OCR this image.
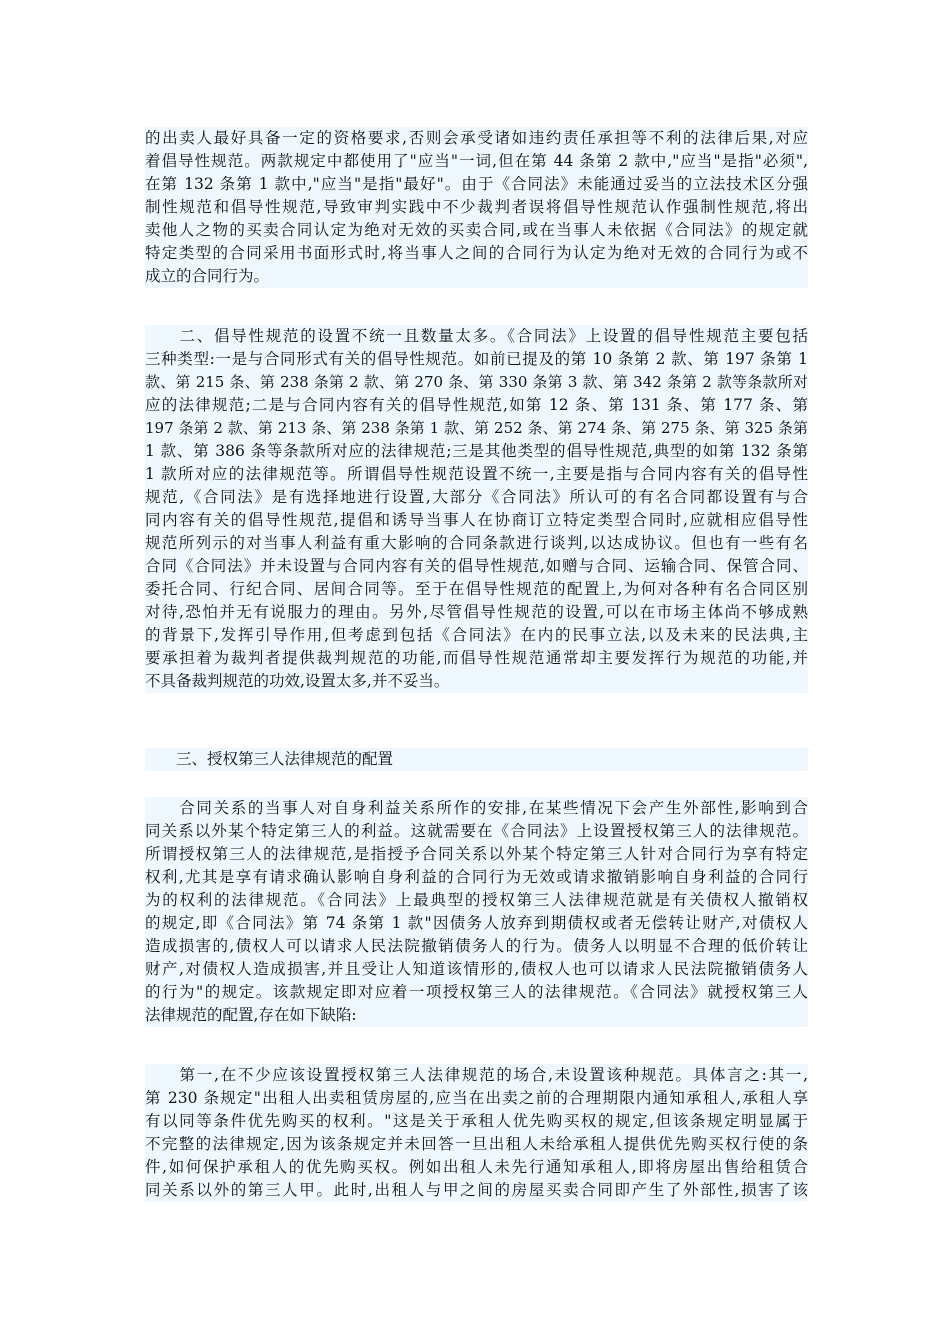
的出卖人最好具备一定的资格要求,否则会承受诸如违约责任承担等不利的法律后果,对应
着倡导性规范。两款规定中都使用了"应当"一词,但在第 44 条第 2 款中,"应当"是指"必须",
在第 132 条第 1 款中,"应当"是指"最好"。由于《合同法》未能通过妥当的立法技术区分强
制性规范和倡导性规范,导致审判实践中不少裁判者误将倡导性规范认作强制性规范,将出
卖他人之物的买卖合同认定为绝对无效的买卖合同,或在当事人未依据《合同法》的规定就
特定类型的合同采用书面形式时,将当事人之间的合同行为认定为绝对无效的合同行为或不
成立的合同行为。
　　二、倡导性规范的设置不统一且数量太多。《合同法》上设置的倡导性规范主要包括
三种类型:一是与合同形式有关的倡导性规范。如前已提及的第 10 条第 2 款、第 197 条第 1
款、第 215 条、第 238 条第 2 款、第 270 条、第 330 条第 3 款、第 342 条第 2 款等条款所对
应的法律规范;二是与合同内容有关的倡导性规范,如第 12 条、第 131 条、第 177 条、第
197 条第 2 款、第 213 条、第 238 条第 1 款、第 252 条、第 274 条、第 275 条、第 325 条第
1 款、第 386 条等条款所对应的法律规范;三是其他类型的倡导性规范,典型的如第 132 条第
1 款所对应的法律规范等。所谓倡导性规范设置不统一,主要是指与合同内容有关的倡导性
规范,《合同法》是有选择地进行设置,大部分《合同法》所认可的有名合同都设置有与合
同内容有关的倡导性规范,提倡和诱导当事人在协商订立特定类型合同时,应就相应倡导性
规范所列示的对当事人利益有重大影响的合同条款进行谈判,以达成协议。但也有一些有名
合同《合同法》并未设置与合同内容有关的倡导性规范,如赠与合同、运输合同、保管合同、
委托合同、行纪合同、居间合同等。至于在倡导性规范的配置上,为何对各种有名合同区别
对待,恐怕并无有说服力的理由。另外,尽管倡导性规范的设置,可以在市场主体尚不够成熟
的背景下,发挥引导作用,但考虑到包括《合同法》在内的民事立法,以及未来的民法典,主
要承担着为裁判者提供裁判规范的功能,而倡导性规范通常却主要发挥行为规范的功能,并
不具备裁判规范的功效,设置太多,并不妥当。
　　三、授权第三人法律规范的配置
　　合同关系的当事人对自身利益关系所作的安排,在某些情况下会产生外部性,影响到合
同关系以外某个特定第三人的利益。这就需要在《合同法》上设置授权第三人的法律规范。
所谓授权第三人的法律规范,是指授予合同关系以外某个特定第三人针对合同行为享有特定
权利,尤其是享有请求确认影响自身利益的合同行为无效或请求撤销影响自身利益的合同行
为的权利的法律规范。《合同法》上最典型的授权第三人法律规范就是有关债权人撤销权
的规定,即《合同法》第 74 条第 1 款"因债务人放弃到期债权或者无偿转让财产,对债权人
造成损害的,债权人可以请求人民法院撤销债务人的行为。债务人以明显不合理的低价转让
财产,对债权人造成损害,并且受让人知道该情形的,债权人也可以请求人民法院撤销债务人
的行为"的规定。该款规定即对应着一项授权第三人的法律规范。《合同法》就授权第三人
法律规范的配置,存在如下缺陷:
　　第一,在不少应该设置授权第三人法律规范的场合,未设置该种规范。具体言之:其一,
第 230 条规定"出租人出卖租赁房屋的,应当在出卖之前的合理期限内通知承租人,承租人享
有以同等条件优先购买的权利。"这是关于承租人优先购买权的规定,但该条规定明显属于
不完整的法律规定,因为该条规定并未回答一旦出租人未给承租人提供优先购买权行使的条
件,如何保护承租人的优先购买权。例如出租人未先行通知承租人,即将房屋出售给租赁合
同关系以外的第三人甲。此时,出租人与甲之间的房屋买卖合同即产生了外部性,损害了该
